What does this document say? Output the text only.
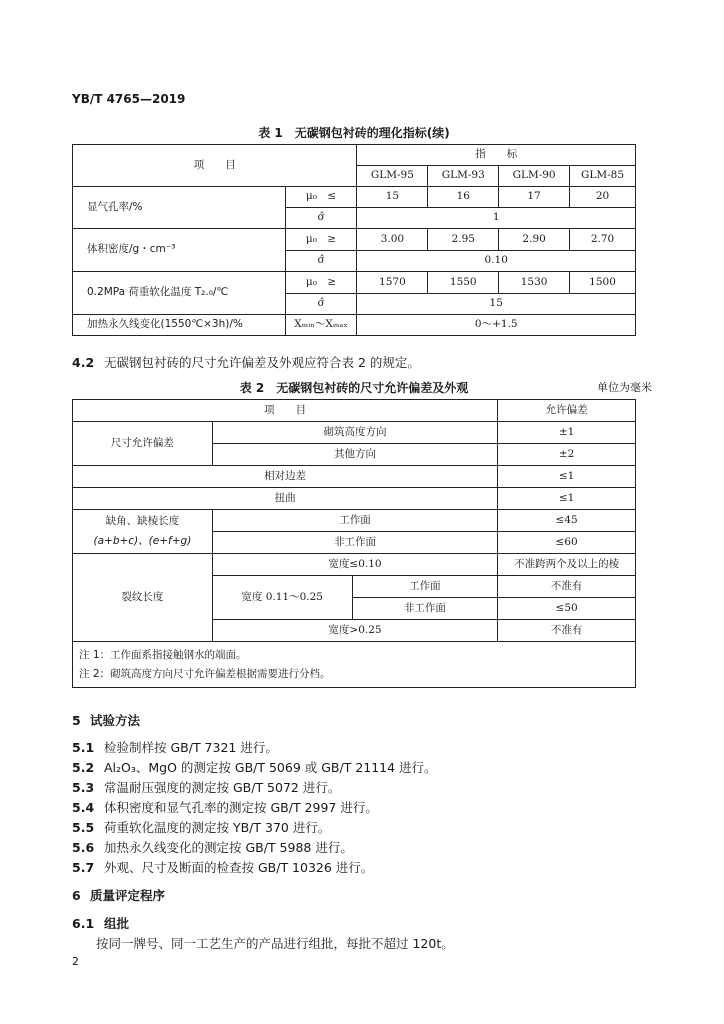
YB/T 4765—2019
表 1　无碳钢包衬砖的理化指标(续)
项　　目		指　　标			
		GLM-95	GLM-93	GLM-90	GLM-85
显气孔率/%	μ₀　≤	15	16	17	20
	σ̂	1			
体积密度/g・cm⁻³	μ₀　≥	3.00	2.95	2.90	2.70
	σ̂	0.10			
0.2MPa 荷重软化温度 T₂.₀/℃	μ₀　≥	1570	1550	1530	1500
	σ̂	15			
加热永久线变化(1550℃×3h)/%	Xₘᵢₙ～Xₘₐₓ	0～+1.5			
4.2 无碳钢包衬砖的尺寸允许偏差及外观应符合表 2 的规定。
表 2　无碳钢包衬砖的尺寸允许偏差及外观	单位为毫米
项　　目			允许偏差
尺寸允许偏差	砌筑高度方向		±1
	其他方向		±2
相对边差			≤1
扭曲			≤1

缺角、缺棱长度
(a+b+c)、(e+f+g)	工作面		≤45
	非工作面		≤60
裂纹长度	宽度≤0.10		不准跨两个及以上的棱
	宽度 0.11～0.25	工作面	不准有
		非工作面	≤50
	宽度>0.25		不准有
注 1：工作面系指接触钢水的端面。
注 2：砌筑高度方向尺寸允许偏差根据需要进行分档。
5 试验方法
5.1 检验制样按 GB/T 7321 进行。
5.2 Al₂O₃、MgO 的测定按 GB/T 5069 或 GB/T 21114 进行。
5.3 常温耐压强度的测定按 GB/T 5072 进行。
5.4 体积密度和显气孔率的测定按 GB/T 2997 进行。
5.5 荷重软化温度的测定按 YB/T 370 进行。
5.6 加热永久线变化的测定按 GB/T 5988 进行。
5.7 外观、尺寸及断面的检查按 GB/T 10326 进行。
6 质量评定程序
6.1 组批
按同一牌号、同一工艺生产的产品进行组批，每批不超过 120t。
2
